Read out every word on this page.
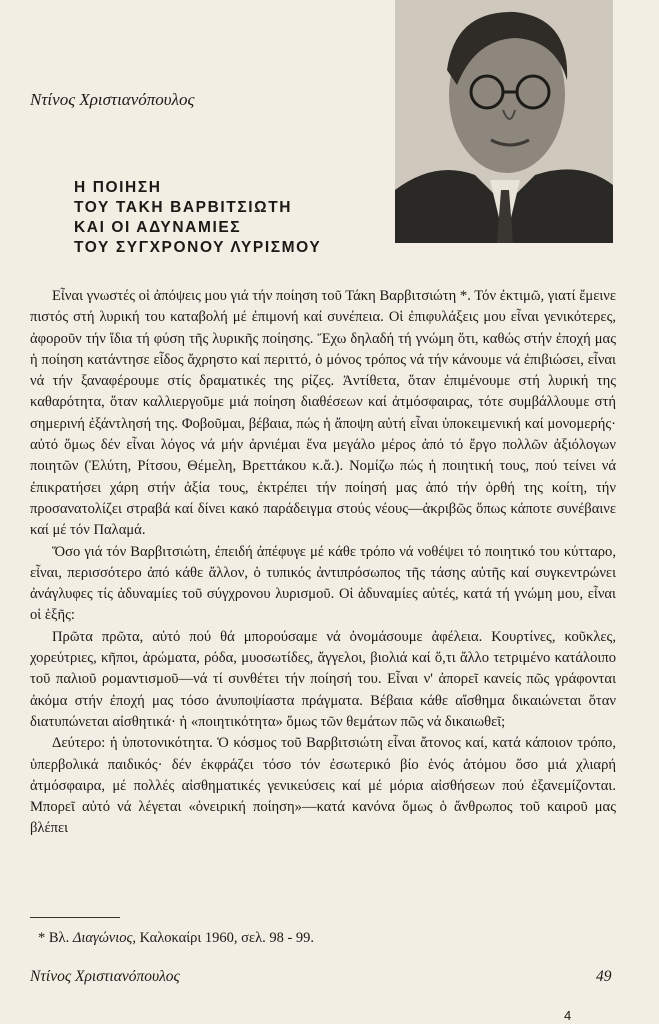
Ντίνος Χριστιανόπουλος
Η ΠΟΙΗΣΗ
ΤΟΥ ΤΑΚΗ ΒΑΡΒΙΤΣΙΩΤΗ
ΚΑΙ ΟΙ ΑΔΥΝΑΜΙΕΣ
ΤΟΥ ΣΥΓΧΡΟΝΟΥ ΛΥΡΙΣΜΟΥ

Εἶναι γνωστές οἱ ἀπόψεις μου γιά τήν ποίηση τοῦ Τάκη Βαρβιτσιώτη *. Τόν ἐκτιμῶ, γιατί ἔμεινε πιστός στή λυρική του καταβολή μέ ἐπιμονή καί συνέπεια. Οἱ ἐπιφυλάξεις μου εἶναι γενικότερες, ἀφοροῦν τήν ἴδια τή φύση τῆς λυρικῆς ποίησης. Ἔχω δηλαδή τή γνώμη ὅτι, καθώς στήν ἐποχή μας ἡ ποίηση κατάντησε εἶδος ἄχρηστο καί περιττό, ὁ μόνος τρόπος νά τήν κάνουμε νά ἐπιβιώσει, εἶναι νά τήν ξαναφέρουμε στίς δραματικές της ρίζες. Ἀντίθετα, ὅταν ἐπιμένουμε στή λυρική της καθαρότητα, ὅταν καλλιεργοῦμε μιά ποίηση διαθέσεων καί ἀτμόσφαιρας, τότε συμβάλλουμε στή σημερινή ἐξάντλησή της. Φοβοῦμαι, βέβαια, πώς ἡ ἄποψη αὐτή εἶναι ὑποκειμενική καί μονομερής· αὐτό ὅμως δέν εἶναι λόγος νά μήν ἀρνιέμαι ἕνα μεγάλο μέρος ἀπό τό ἔργο πολλῶν ἀξιόλογων ποιητῶν (Ἐλύτη, Ρίτσου, Θέμελη, Βρεττάκου κ.ἄ.). Νομίζω πώς ἡ ποιητική τους, πού τείνει νά ἐπικρατήσει χάρη στήν ἀξία τους, ἐκτρέπει τήν ποίησή μας ἀπό τήν ὀρθή της κοίτη, τήν προσανατολίζει στραβά καί δίνει κακό παράδειγμα στούς νέους—ἀκριβῶς ὅπως κάποτε συνέβαινε καί μέ τόν Παλαμά.

Ὅσο γιά τόν Βαρβιτσιώτη, ἐπειδή ἀπέφυγε μέ κάθε τρόπο νά νοθέψει τό ποιητικό του κύτταρο, εἶναι, περισσότερο ἀπό κάθε ἄλλον, ὁ τυπικός ἀντιπρόσωπος τῆς τάσης αὐτῆς καί συγκεντρώνει ἀνάγλυφες τίς ἀδυναμίες τοῦ σύγχρονου λυρισμοῦ. Οἱ ἀδυναμίες αὐτές, κατά τή γνώμη μου, εἶναι οἱ ἑξῆς:

Πρῶτα πρῶτα, αὐτό πού θά μπορούσαμε νά ὀνομάσουμε ἀφέλεια. Κουρτίνες, κοῦκλες, χορεύτριες, κῆποι, ἀρώματα, ρόδα, μυοσωτίδες, ἄγγελοι, βιολιά καί ὅ,τι ἄλλο τετριμένο κατάλοιπο τοῦ παλιοῦ ρομαντισμοῦ—νά τί συνθέτει τήν ποίησή του. Εἶναι ν' ἀπορεῖ κανείς πῶς γράφονται ἀκόμα στήν ἐποχή μας τόσο ἀνυποψίαστα πράγματα. Βέβαια κάθε αἴσθημα δικαιώνεται ὅταν διατυπώνεται αἰσθητικά· ἡ «ποιητικότητα» ὅμως τῶν θεμάτων πῶς νά δικαιωθεῖ;

Δεύτερο: ἡ ὑποτονικότητα. Ὁ κόσμος τοῦ Βαρβιτσιώτη εἶναι ἄτονος καί, κατά κάποιον τρόπο, ὑπερβολικά παιδικός· δέν ἐκφράζει τόσο τόν ἐσωτερικό βίο ἑνός ἀτόμου ὅσο μιά χλιαρή ἀτμόσφαιρα, μέ πολλές αἰσθηματικές γενικεύσεις καί μέ μόρια αἰσθήσεων πού ἐξανεμίζονται. Μπορεῖ αὐτό νά λέγεται «ὀνειρική ποίηση»—κατά κανόνα ὅμως ὁ ἄνθρωπος τοῦ καιροῦ μας βλέπει

* Βλ. Διαγώνιος, Καλοκαίρι 1960, σελ. 98 - 99.
Ντίνος Χριστιανόπουλος	49
4
